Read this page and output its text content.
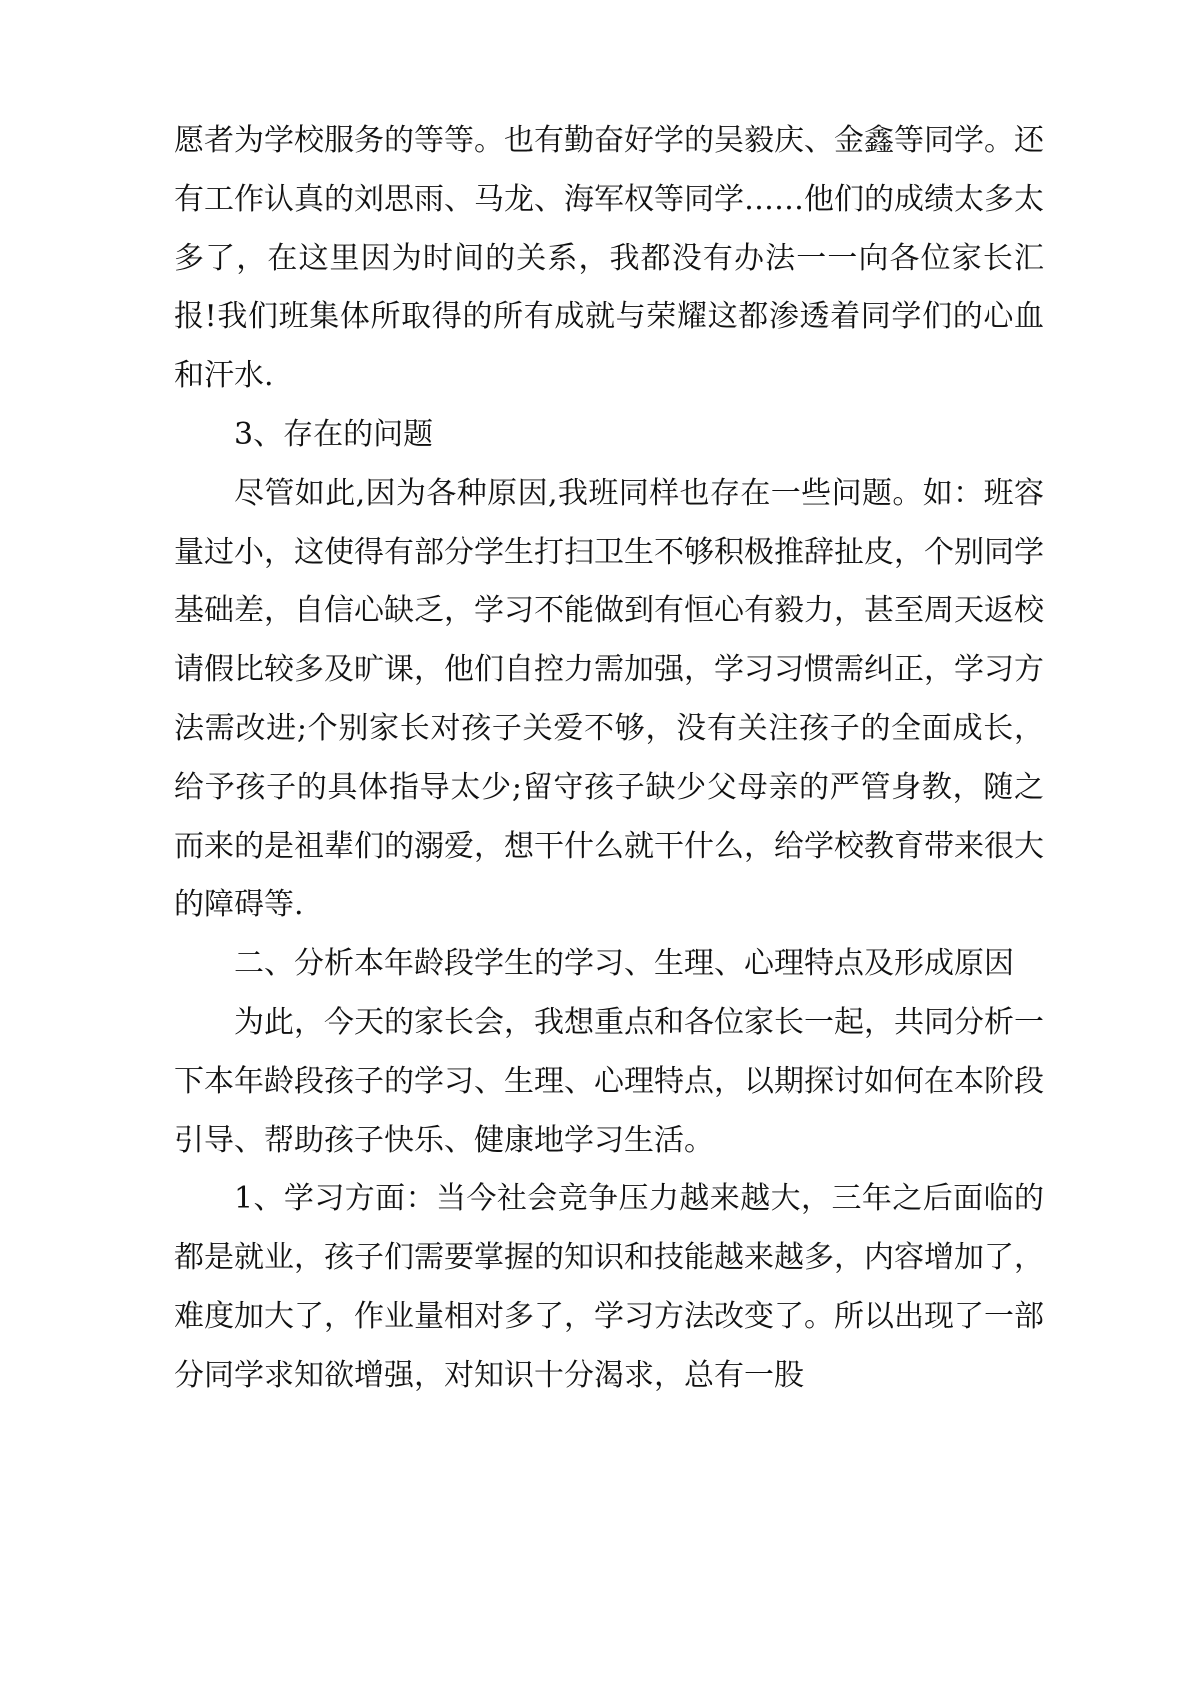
愿者为学校服务的等等。也有勤奋好学的吴毅庆、金鑫等同学。还有工作认真的刘思雨、马龙、海军权等同学……他们的成绩太多太多了，在这里因为时间的关系，我都没有办法一一向各位家长汇报!我们班集体所取得的所有成就与荣耀这都渗透着同学们的心血和汗水.

3、存在的问题

尽管如此,因为各种原因,我班同样也存在一些问题。如：班容量过小，这使得有部分学生打扫卫生不够积极推辞扯皮，个别同学基础差，自信心缺乏，学习不能做到有恒心有毅力，甚至周天返校请假比较多及旷课，他们自控力需加强，学习习惯需纠正，学习方法需改进;个别家长对孩子关爱不够，没有关注孩子的全面成长，给予孩子的具体指导太少;留守孩子缺少父母亲的严管身教，随之而来的是祖辈们的溺爱，想干什么就干什么，给学校教育带来很大的障碍等.

二、分析本年龄段学生的学习、生理、心理特点及形成原因

为此，今天的家长会，我想重点和各位家长一起，共同分析一下本年龄段孩子的学习、生理、心理特点，以期探讨如何在本阶段引导、帮助孩子快乐、健康地学习生活。

1、学习方面：当今社会竞争压力越来越大，三年之后面临的都是就业，孩子们需要掌握的知识和技能越来越多，内容增加了，难度加大了，作业量相对多了，学习方法改变了。所以出现了一部分同学求知欲增强，对知识十分渴求，总有一股
